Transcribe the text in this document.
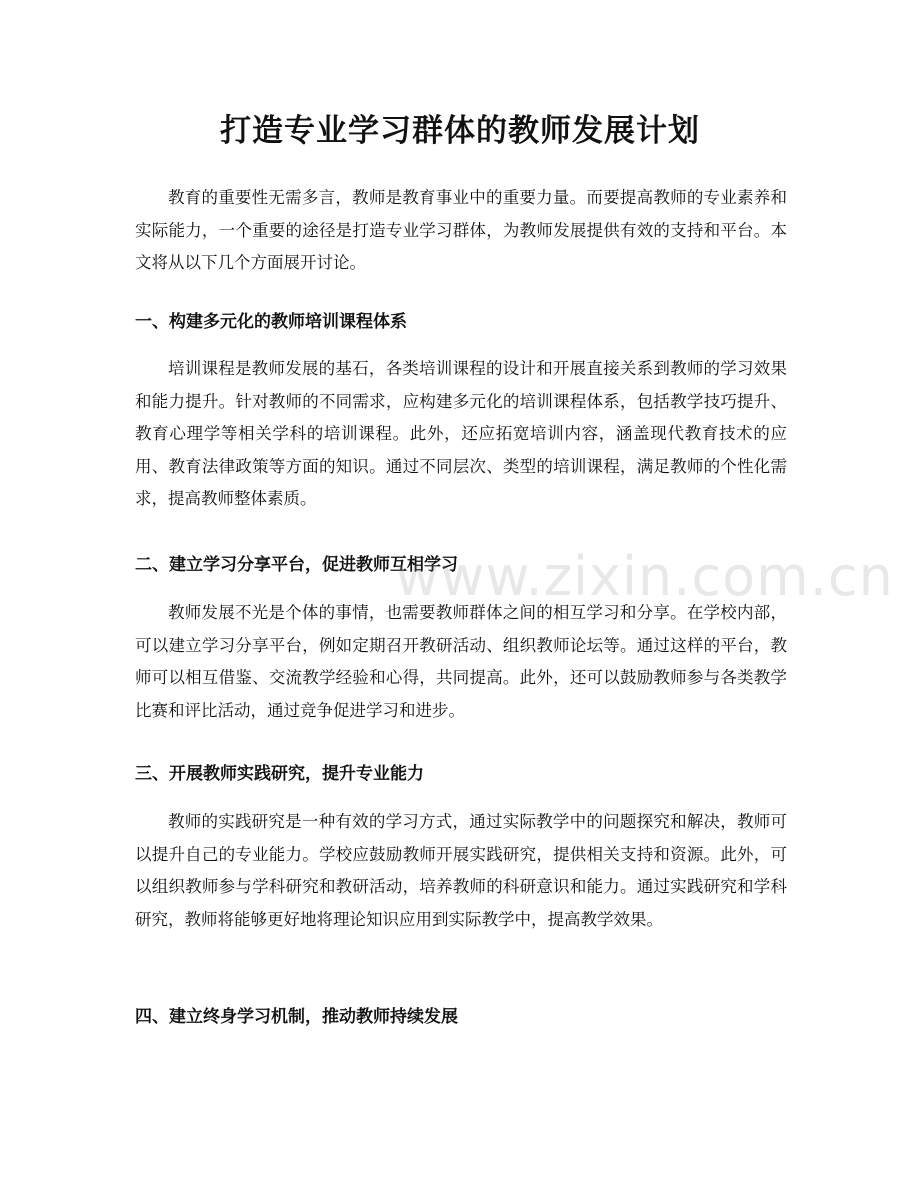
打造专业学习群体的教师发展计划

教育的重要性无需多言，教师是教育事业中的重要力量。而要提高教师的专业素养和实际能力，一个重要的途径是打造专业学习群体，为教师发展提供有效的支持和平台。本文将从以下几个方面展开讨论。

一、构建多元化的教师培训课程体系

培训课程是教师发展的基石，各类培训课程的设计和开展直接关系到教师的学习效果和能力提升。针对教师的不同需求，应构建多元化的培训课程体系，包括教学技巧提升、教育心理学等相关学科的培训课程。此外，还应拓宽培训内容，涵盖现代教育技术的应用、教育法律政策等方面的知识。通过不同层次、类型的培训课程，满足教师的个性化需求，提高教师整体素质。

二、建立学习分享平台，促进教师互相学习

教师发展不光是个体的事情，也需要教师群体之间的相互学习和分享。在学校内部，可以建立学习分享平台，例如定期召开教研活动、组织教师论坛等。通过这样的平台，教师可以相互借鉴、交流教学经验和心得，共同提高。此外，还可以鼓励教师参与各类教学比赛和评比活动，通过竞争促进学习和进步。

三、开展教师实践研究，提升专业能力

教师的实践研究是一种有效的学习方式，通过实际教学中的问题探究和解决，教师可以提升自己的专业能力。学校应鼓励教师开展实践研究，提供相关支持和资源。此外，可以组织教师参与学科研究和教研活动，培养教师的科研意识和能力。通过实践研究和学科研究，教师将能够更好地将理论知识应用到实际教学中，提高教学效果。

四、建立终身学习机制，推动教师持续发展
www.zixin.com.cn
